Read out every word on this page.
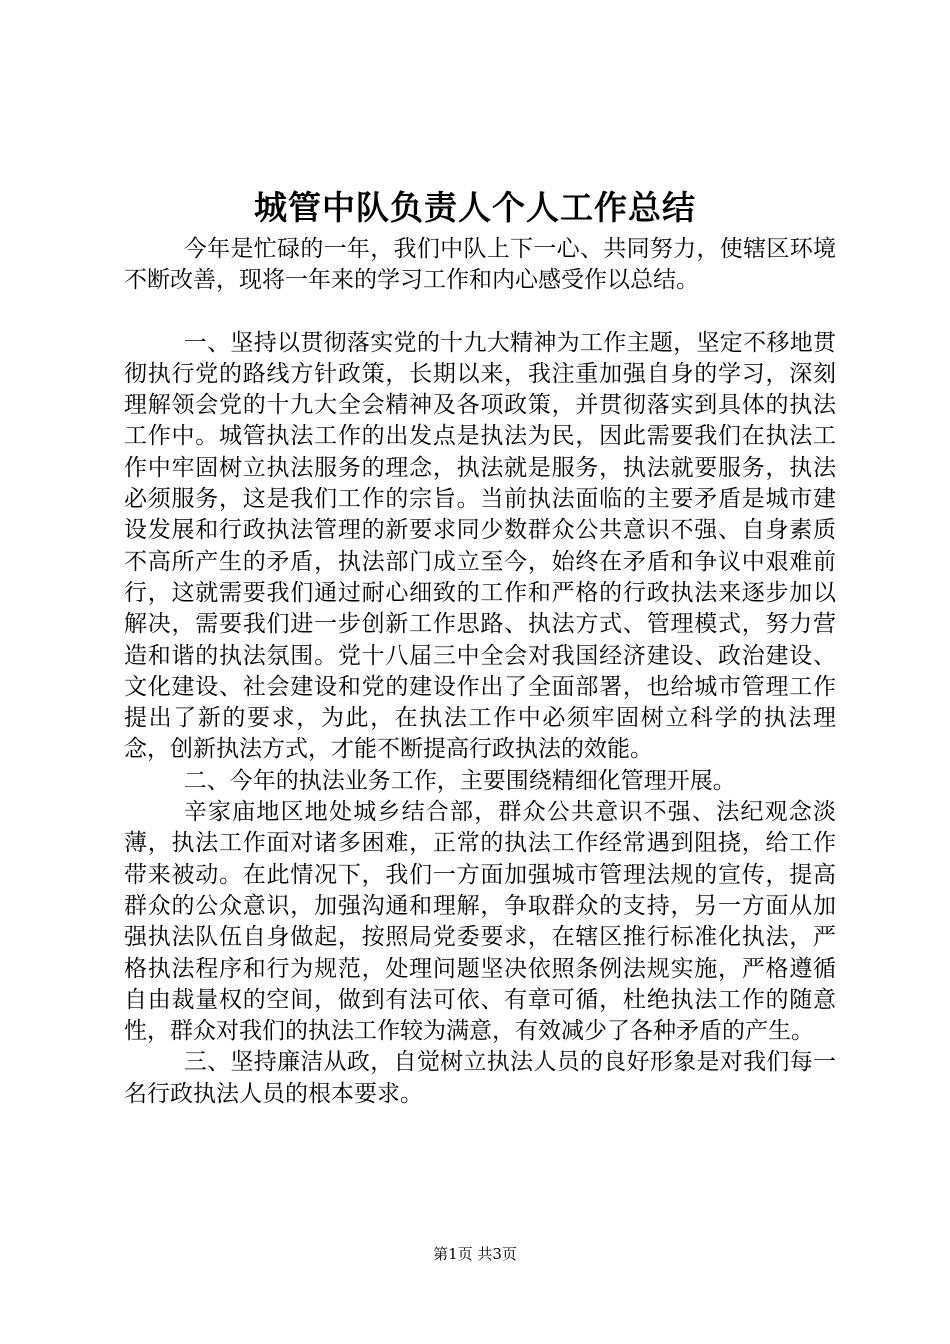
城管中队负责人个人工作总结

今年是忙碌的一年，我们中队上下一心、共同努力，使辖区环境不断改善，现将一年来的学习工作和内心感受作以总结。

一、坚持以贯彻落实党的十九大精神为工作主题，坚定不移地贯彻执行党的路线方针政策，长期以来，我注重加强自身的学习，深刻理解领会党的十九大全会精神及各项政策，并贯彻落实到具体的执法工作中。城管执法工作的出发点是执法为民，因此需要我们在执法工作中牢固树立执法服务的理念，执法就是服务，执法就要服务，执法必须服务，这是我们工作的宗旨。当前执法面临的主要矛盾是城市建设发展和行政执法管理的新要求同少数群众公共意识不强、自身素质不高所产生的矛盾，执法部门成立至今，始终在矛盾和争议中艰难前行，这就需要我们通过耐心细致的工作和严格的行政执法来逐步加以解决，需要我们进一步创新工作思路、执法方式、管理模式，努力营造和谐的执法氛围。党十八届三中全会对我国经济建设、政治建设、文化建设、社会建设和党的建设作出了全面部署，也给城市管理工作提出了新的要求，为此，在执法工作中必须牢固树立科学的执法理念，创新执法方式，才能不断提高行政执法的效能。

二、今年的执法业务工作，主要围绕精细化管理开展。

辛家庙地区地处城乡结合部，群众公共意识不强、法纪观念淡薄，执法工作面对诸多困难，正常的执法工作经常遇到阻挠，给工作带来被动。在此情况下，我们一方面加强城市管理法规的宣传，提高群众的公众意识，加强沟通和理解，争取群众的支持，另一方面从加强执法队伍自身做起，按照局党委要求，在辖区推行标准化执法，严格执法程序和行为规范，处理问题坚决依照条例法规实施，严格遵循自由裁量权的空间，做到有法可依、有章可循，杜绝执法工作的随意性，群众对我们的执法工作较为满意，有效减少了各种矛盾的产生。

三、坚持廉洁从政，自觉树立执法人员的良好形象是对我们每一名行政执法人员的根本要求。

第1页 共3页
